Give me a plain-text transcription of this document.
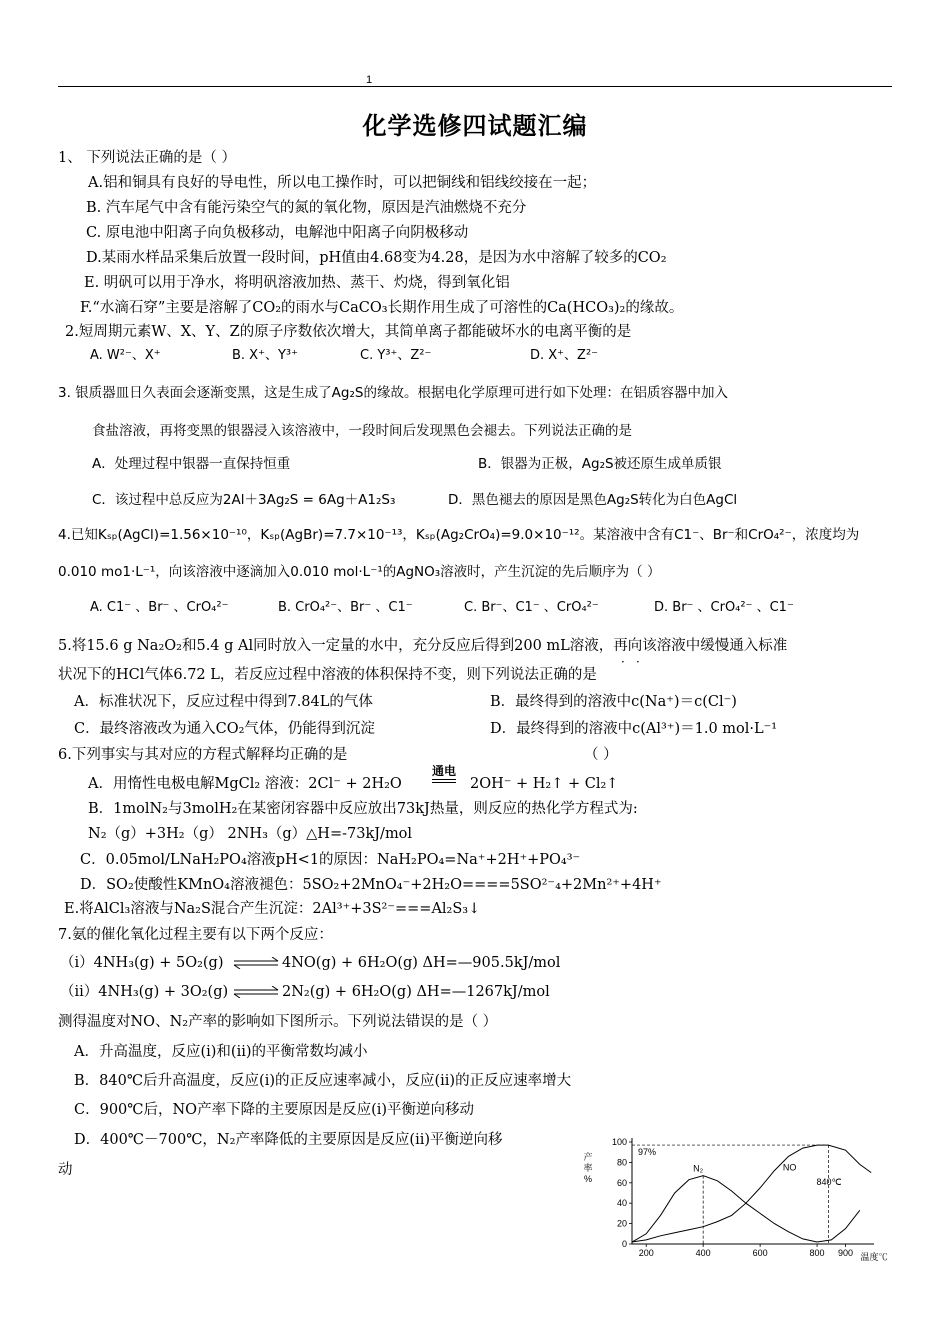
1
化学选修四试题汇编
1、 下列说法正确的是（ ）
A.铝和铜具有良好的导电性，所以电工操作时，可以把铜线和铝线绞接在一起；
B. 汽车尾气中含有能污染空气的氮的氧化物，原因是汽油燃烧不充分
C. 原电池中阳离子向负极移动，电解池中阳离子向阴极移动
D.某雨水样品采集后放置一段时间，pH值由4.68变为4.28，是因为水中溶解了较多的CO₂
E. 明矾可以用于净水，将明矾溶液加热、蒸干、灼烧，得到氧化铝
F.“水滴石穿”主要是溶解了CO₂的雨水与CaCO₃长期作用生成了可溶性的Ca(HCO₃)₂的缘故。
2.短周期元素W、X、Y、Z的原子序数依次增大，其简单离子都能破坏水的电离平衡的是
A. W²⁻、X⁺	B. X⁺、Y³⁺	C. Y³⁺、Z²⁻	D. X⁺、Z²⁻
3. 银质器皿日久表面会逐渐变黑，这是生成了Ag₂S的缘故。根据电化学原理可进行如下处理：在铝质容器中加入
食盐溶液，再将变黑的银器浸入该溶液中，一段时间后发现黑色会褪去。下列说法正确的是
A．处理过程中银器一直保持恒重	B．银器为正极，Ag₂S被还原生成单质银
C．该过程中总反应为2Al＋3Ag₂S = 6Ag＋A1₂S₃	D．黑色褪去的原因是黑色Ag₂S转化为白色AgCl
4.已知Kₛₚ(AgCl)=1.56×10⁻¹⁰，Kₛₚ(AgBr)=7.7×10⁻¹³，Kₛₚ(Ag₂CrO₄)=9.0×10⁻¹²。某溶液中含有C1⁻、Br⁻和CrO₄²⁻，浓度均为
0.010 mo1·L⁻¹，向该溶液中逐滴加入0.010 mol·L⁻¹的AgNO₃溶液时，产生沉淀的先后顺序为（ ）
A. C1⁻ 、Br⁻ 、CrO₄²⁻	B. CrO₄²⁻、Br⁻ 、C1⁻	C. Br⁻、C1⁻ 、CrO₄²⁻	D. Br⁻ 、CrO₄²⁻ 、C1⁻
5.将15.6 g Na₂O₂和5.4 g Al同时放入一定量的水中，充分反应后得到200 mL溶液，再向该溶液中缓慢通入标准
· ·
状况下的HCl气体6.72 L，若反应过程中溶液的体积保持不变，则下列说法正确的是
A．标准状况下，反应过程中得到7.84L的气体	B．最终得到的溶液中c(Na⁺)＝c(Cl⁻)
C．最终溶液改为通入CO₂气体，仍能得到沉淀	D．最终得到的溶液中c(Al³⁺)＝1.0 mol·L⁻¹
6.下列事实与其对应的方程式解释均正确的是	（ ）
A．用惰性电极电解MgCl₂ 溶液：2Cl⁻ + 2H₂O
通电
2OH⁻ + H₂↑ + Cl₂↑
B．1molN₂与3molH₂在某密闭容器中反应放出73kJ热量，则反应的热化学方程式为:
N₂（g）+3H₂（g） 2NH₃（g）△H=-73kJ/mol
C．0.05mol/LNaH₂PO₄溶液pH<1的原因：NaH₂PO₄=Na⁺+2H⁺+PO₄³⁻
D．SO₂使酸性KMnO₄溶液褪色：5SO₂+2MnO₄⁻+2H₂O====5SO²⁻₄+2Mn²⁺+4H⁺
E.将AlCl₃溶液与Na₂S混合产生沉淀：2Al³⁺+3S²⁻===Al₂S₃↓
7.氨的催化氧化过程主要有以下两个反应：
（ⅰ）4NH₃(g) + 5O₂(g) ⇌ 4NO(g) + 6H₂O(g) ΔH=—905.5kJ/mol
（ⅱ）4NH₃(g) + 3O₂(g) ⇌ 2N₂(g) + 6H₂O(g) ΔH=—1267kJ/mol
测得温度对NO、N₂产率的影响如下图所示。下列说法错误的是（ ）
A．升高温度，反应(ⅰ)和(ⅱ)的平衡常数均减小
B．840℃后升高温度，反应(ⅰ)的正反应速率减小，反应(ⅱ)的正反应速率增大
C．900℃后，NO产率下降的主要原因是反应(ⅰ)平衡逆向移动
D．400℃－700℃，N₂产率降低的主要原因是反应(ⅱ)平衡逆向移
动
0
20
40
60
80
100
200	400	600	800 900
产
率
%
温度℃
97%
840℃
N₂	NO
